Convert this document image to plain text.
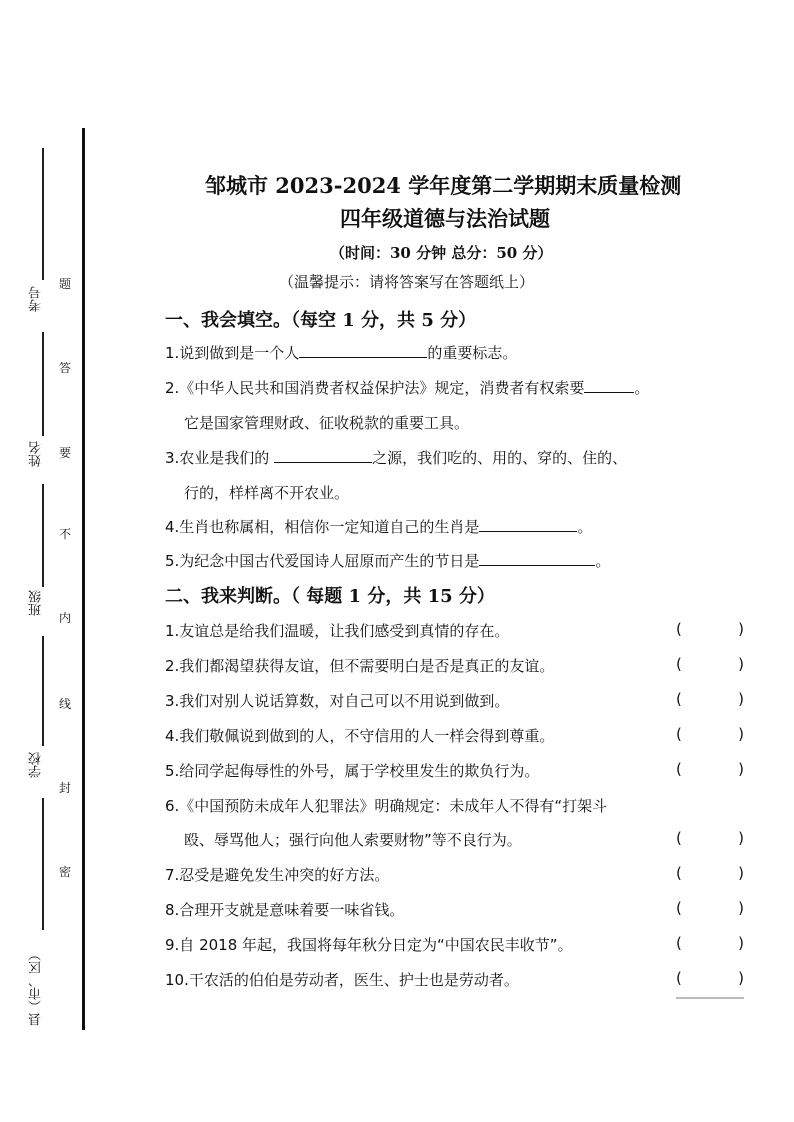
考号
姓名
班级
学校
县（市、区）
题
答
要
不
内
线
封
密
邹城市 2023-2024 学年度第二学期期末质量检测
四年级道德与法治试题
（时间：30 分钟 总分：50 分）
（温馨提示：请将答案写在答题纸上）
一、我会填空。（每空 1 分，共 5 分）
1.说到做到是一个人	的重要标志。
2.《中华人民共和国消费者权益保护法》规定，消费者有权索要	。
它是国家管理财政、征收税款的重要工具。
3.农业是我们的	之源，我们吃的、用的、穿的、住的、
行的，样样离不开农业。
4.生肖也称属相，相信你一定知道自己的生肖是	。
5.为纪念中国古代爱国诗人屈原而产生的节日是	。
二、我来判断。（ 每题 1 分，共 15 分）
1.友谊总是给我们温暖，让我们感受到真情的存在。	(	)
2.我们都渴望获得友谊，但不需要明白是否是真正的友谊。	(	)
3.我们对别人说话算数，对自己可以不用说到做到。	(	)
4.我们敬佩说到做到的人，不守信用的人一样会得到尊重。	(	)
5.给同学起侮辱性的外号，属于学校里发生的欺负行为。	(	)
6.《中国预防未成年人犯罪法》明确规定：未成年人不得有“打架斗
殴、辱骂他人；强行向他人索要财物”等不良行为。	(	)
7.忍受是避免发生冲突的好方法。	(	)
8.合理开支就是意味着要一味省钱。	(	)
9.自 2018 年起，我国将每年秋分日定为“中国农民丰收节”。	(	)
10.干农活的伯伯是劳动者，医生、护士也是劳动者。	(	)
